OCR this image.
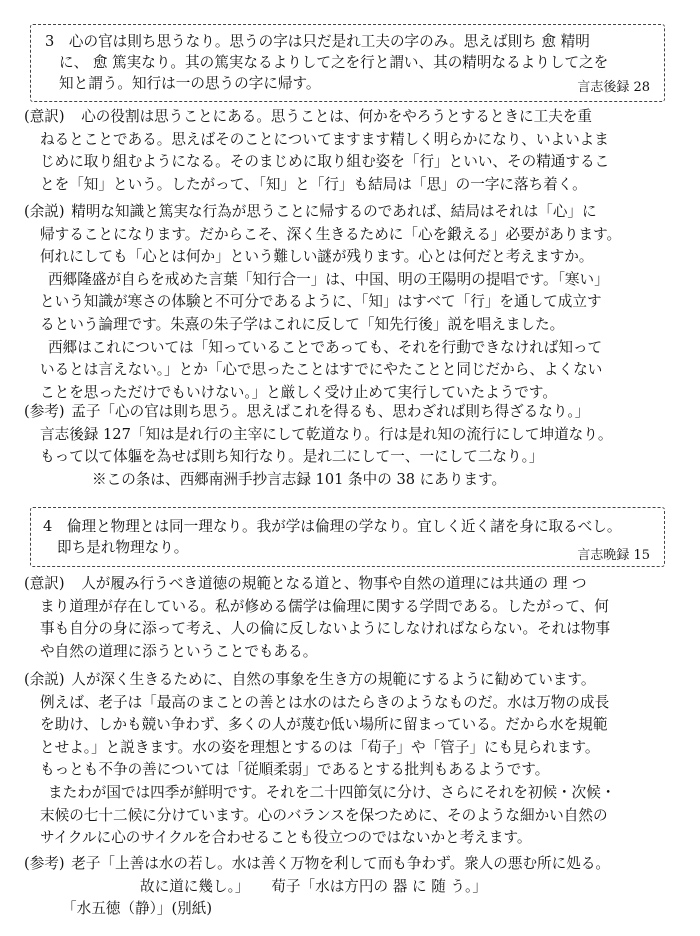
3　心の官は則ち思うなり。思うの字は只だ是れ工夫の字のみ。思えば則ち 愈 精明
に、 愈 篤実なり。其の篤実なるよりして之を行と謂い、其の精明なるよりして之を
知と謂う。知行は一の思うの字に帰す。	言志後録 28
(意訳)　 心の役割は思うことにある。思うことは、何かをやろうとするときに工夫を重
ねるとことである。思えばそのことについてますます精しく明らかになり、いよいよま
じめに取り組むようになる。そのまじめに取り組む姿を「行」といい、その精通するこ
とを「知」という。したがって、「知」と「行」も結局は「思」の一字に落ち着く。
(余説) 精明な知識と篤実な行為が思うことに帰するのであれば、結局はそれは「心」に
帰することになります。だからこそ、深く生きるために「心を鍛える」必要があります。
何れにしても「心とは何か」という難しい謎が残ります。心とは何だと考えますか。
西郷隆盛が自らを戒めた言葉「知行合一」は、中国、明の王陽明の提唱です。「寒い」
という知識が寒さの体験と不可分であるように、「知」はすべて「行」を通して成立す
るという論理です。朱熹の朱子学はこれに反して「知先行後」説を唱えました。
西郷はこれについては「知っていることであっても、それを行動できなければ知って
いるとは言えない。」とか「心で思ったことはすでにやたことと同じだから、よくない
ことを思っただけでもいけない。」と厳しく受け止めて実行していたようです。
(参考) 孟子「心の官は則ち思う。思えばこれを得るも、思わざれば則ち得ざるなり。」
言志後録 127「知は是れ行の主宰にして乾道なり。行は是れ知の流行にして坤道なり。
もって以て体軀を為せば則ち知行なり。是れ二にして一、一にして二なり。」
※この条は、西郷南洲手抄言志録 101 条中の 38 にあります。
4　倫理と物理とは同一理なり。我が学は倫理の学なり。宜しく近く諸を身に取るべし。
即ち是れ物理なり。	言志晩録 15
(意訳)　 人が履み行うべき道徳の規範となる道と、物事や自然の道理には共通の 理 つ
まり道理が存在している。私が修める儒学は倫理に関する学問である。したがって、何
事も自分の身に添って考え、人の倫に反しないようにしなければならない。それは物事
や自然の道理に添うということでもある。
(余説) 人が深く生きるために、自然の事象を生き方の規範にするように勧めています。
例えば、老子は「最高のまことの善とは水のはたらきのようなものだ。水は万物の成長
を助け、しかも競い争わず、多くの人が蔑む低い場所に留まっている。だから水を規範
とせよ。」と説きます。水の姿を理想とするのは「荀子」や「管子」にも見られます。
もっとも不争の善については「従順柔弱」であるとする批判もあるようです。
またわが国では四季が鮮明です。それを二十四節気に分け、さらにそれを初候・次候・
末候の七十二候に分けています。心のバランスを保つために、そのような細かい自然の
サイクルに心のサイクルを合わせることも役立つのではないかと考えます。
(参考) 老子「上善は水の若し。水は善く万物を利して而も争わず。衆人の悪む所に処る。
故に道に幾し。」　　荀子「水は方円の 器 に 随 う。」
「水五徳（静）」(別紙)
